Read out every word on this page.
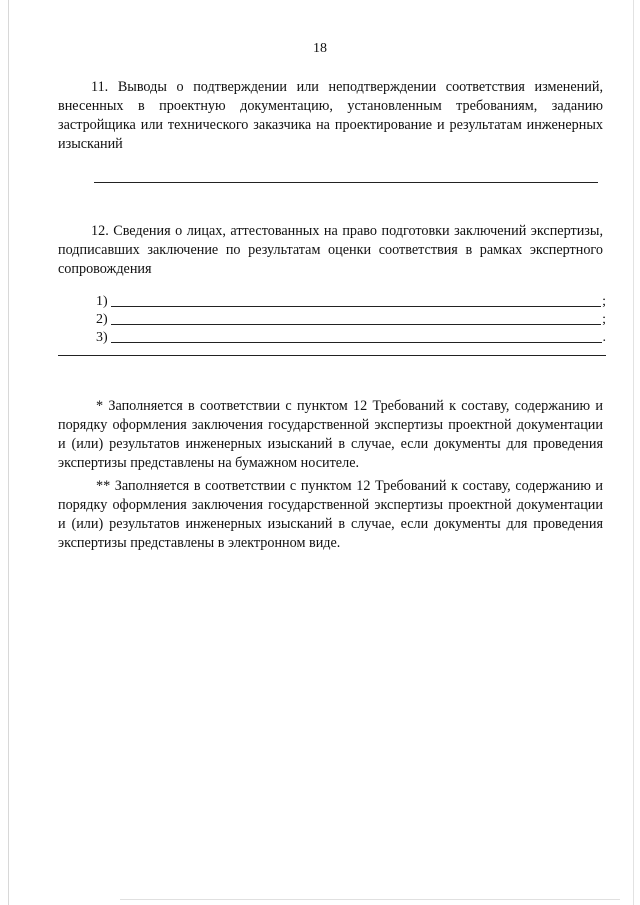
18
11. Выводы о подтверждении или неподтверждении соответствия изменений, внесенных в проектную документацию, установленным требованиям, заданию застройщика или технического заказчика на проектирование и результатам инженерных изысканий
12. Сведения о лицах, аттестованных на право подготовки заключений экспертизы, подписавших заключение по результатам оценки соответствия в рамках экспертного сопровождения
1)	;
2)	;
3)	.
* Заполняется в соответствии с пунктом 12 Требований к составу, содержанию и порядку оформления заключения государственной экспертизы проектной документации и (или) результатов инженерных изысканий в случае, если документы для проведения экспертизы представлены на бумажном носителе.
** Заполняется в соответствии с пунктом 12 Требований к составу, содержанию и порядку оформления заключения государственной экспертизы проектной документации и (или) результатов инженерных изысканий в случае, если документы для проведения экспертизы представлены в электронном виде.
